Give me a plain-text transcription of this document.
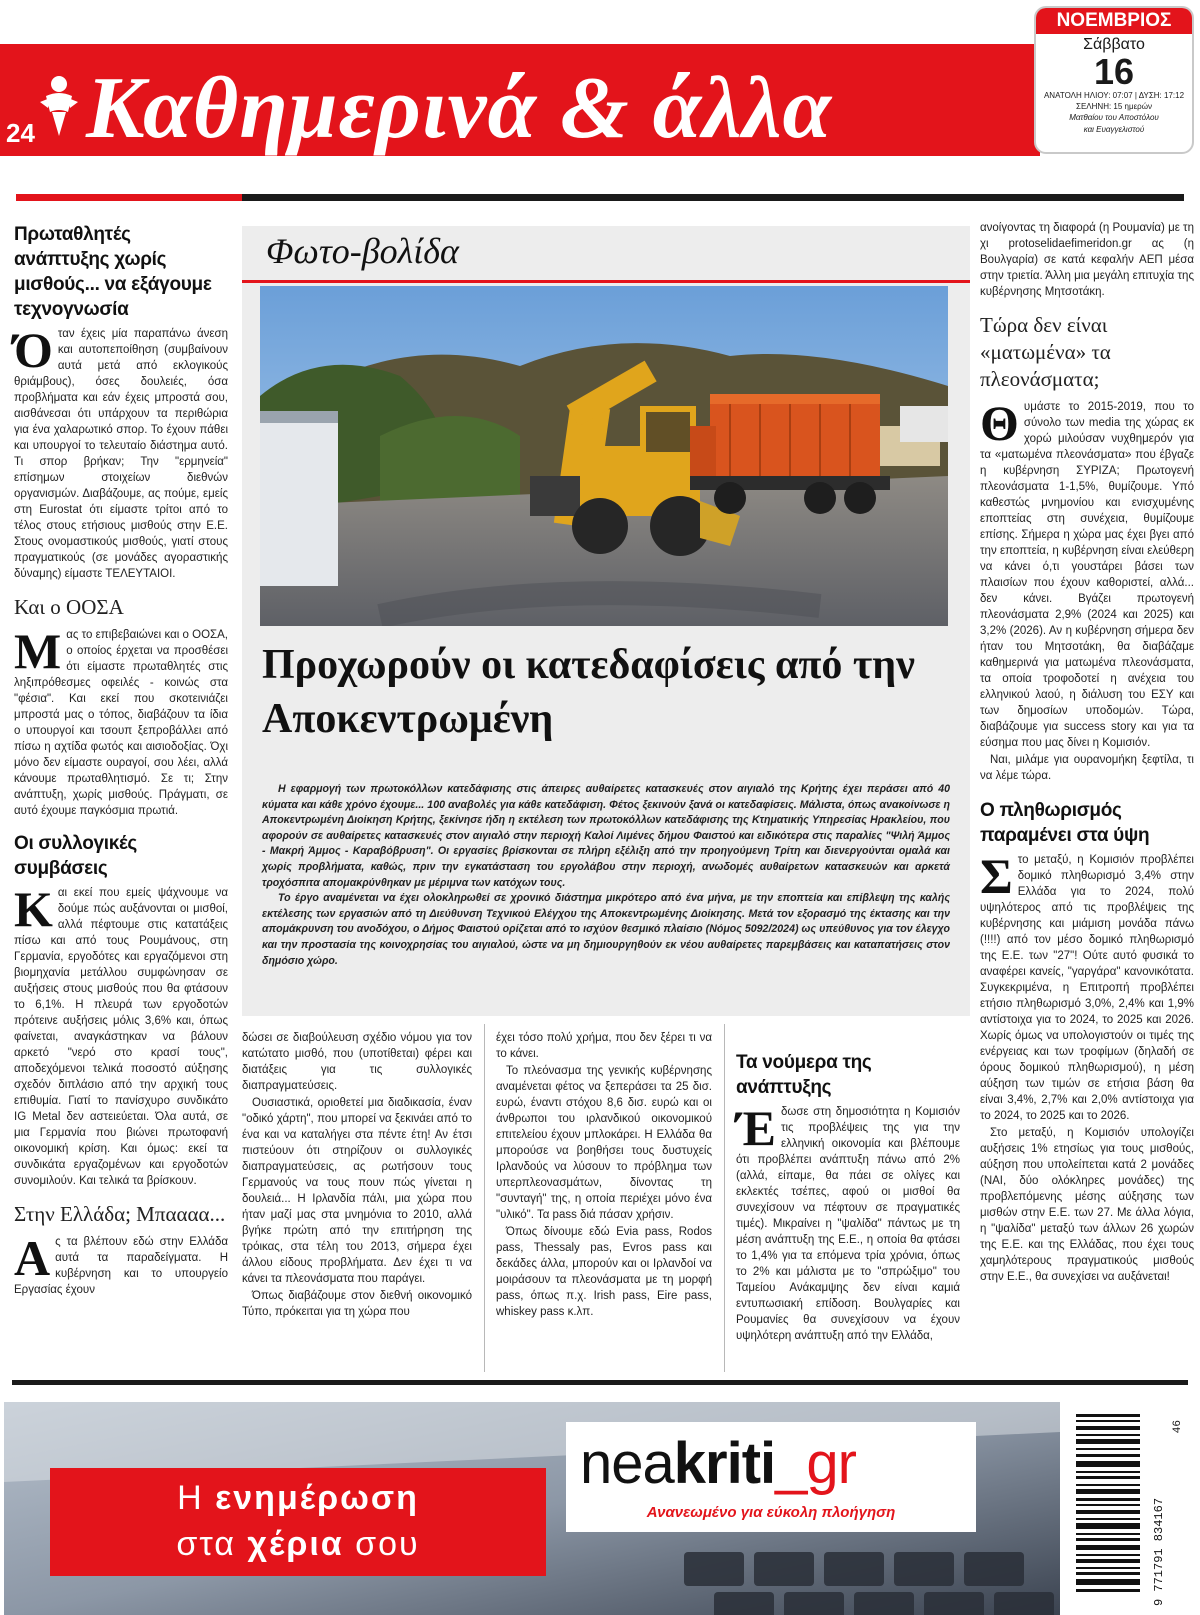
24 Καθημερινά & άλλα
ΝΟΕΜΒΡΙΟΣ
Σάββατο
16
ΑΝΑΤΟΛΗ ΗΛΙΟΥ: 07:07 | ΔΥΣΗ: 17:12
ΣΕΛΗΝΗ: 15 ημερών
Ματθαίου του Αποστόλου
και Ευαγγελιστού
Πρωταθλητές ανάπτυξης χωρίς μισθούς... να εξάγουμε τεχνογνωσία

Όταν έχεις μία παραπάνω άνεση και αυτοπεποίθηση (συμβαίνουν αυτά μετά από εκλογικούς θριάμβους), όσες δουλειές, όσα προβλήματα και εάν έχεις μπροστά σου, αισθάνεσαι ότι υπάρχουν τα περιθώρια για ένα χαλαρωτικό σπορ. Το έχουν πάθει και υπουργοί το τελευταίο διάστημα αυτό. Τι σπορ βρήκαν; Την "ερμηνεία" επίσημων στοιχείων διεθνών οργανισμών. Διαβάζουμε, ας πούμε, εμείς στη Eurostat ότι είμαστε τρίτοι από το τέλος στους ετήσιους μισθούς στην Ε.Ε. Στους ονομαστικούς μισθούς, γιατί στους πραγματικούς (σε μονάδες αγοραστικής δύναμης) είμαστε ΤΕΛΕΥΤΑΙΟΙ.

Και ο ΟΟΣΑ

Μας το επιβεβαιώνει και ο ΟΟΣΑ, ο οποίος έρχεται να προσθέσει ότι είμαστε πρωταθλητές στις ληξιπρόθεσμες οφειλές - κοινώς στα "φέσια". Και εκεί που σκοτεινιάζει μπροστά μας ο τόπος, διαβάζουν τα ίδια ο υπουργοί και τσουπ ξεπροβάλλει από πίσω η αχτίδα φωτός και αισιοδοξίας. Όχι μόνο δεν είμαστε ουραγοί, σου λέει, αλλά κάνουμε πρωταθλητισμό. Σε τι; Στην ανάπτυξη, χωρίς μισθούς. Πράγματι, σε αυτό έχουμε παγκόσμια πρωτιά.

Οι συλλογικές συμβάσεις

Και εκεί που εμείς ψάχνουμε να δούμε πώς αυξάνονται οι μισθοί, αλλά πέφτουμε στις κατατάξεις πίσω και από τους Ρουμάνους, στη Γερμανία, εργοδότες και εργαζόμενοι στη βιομηχανία μετάλλου συμφώνησαν σε αυξήσεις στους μισθούς που θα φτάσουν το 6,1%. Η πλευρά των εργοδοτών πρότεινε αυξήσεις μόλις 3,6% και, όπως φαίνεται, αναγκάστηκαν να βάλουν αρκετό "νερό στο κρασί τους", αποδεχόμενοι τελικά ποσοστό αύξησης σχεδόν διπλάσιο από την αρχική τους επιθυμία. Γιατί το πανίσχυρο συνδικάτο IG Metal δεν αστειεύεται. Όλα αυτά, σε μια Γερμανία που βιώνει πρωτοφανή οικονομική κρίση. Και όμως: εκεί τα συνδικάτα εργαζομένων και εργοδοτών συνομιλούν. Και τελικά τα βρίσκουν.

Στην Ελλάδα; Μπαααα...

Ας τα βλέπουν εδώ στην Ελλάδα αυτά τα παραδείγματα. Η κυβέρνηση και το υπουργείο Εργασίας έχουν

Φωτο-βολίδα
Προχωρούν οι κατεδαφίσεις από την Αποκεντρωμένη

Η εφαρμογή των πρωτοκόλλων κατεδάφισης στις άπειρες αυθαίρετες κατασκευές στον αιγιαλό της Κρήτης έχει περάσει από 40 κύματα και κάθε χρόνο έχουμε... 100 αναβολές για κάθε κατεδάφιση. Φέτος ξεκινούν ξανά οι κατεδαφίσεις. Μάλιστα, όπως ανακοίνωσε η Αποκεντρωμένη Διοίκηση Κρήτης, ξεκίνησε ήδη η εκτέλεση των πρωτοκόλλων κατεδάφισης της Κτηματικής Υπηρεσίας Ηρακλείου, που αφορούν σε αυθαίρετες κατασκευές στον αιγιαλό στην περιοχή Καλοί Λιμένες δήμου Φαιστού και ειδικότερα στις παραλίες "Ψιλή Άμμος - Μακρή Άμμος - Καραβόβρυση". Οι εργασίες βρίσκονται σε πλήρη εξέλιξη από την προηγούμενη Τρίτη και διενεργούνται ομαλά και χωρίς προβλήματα, καθώς, πριν την εγκατάσταση του εργολάβου στην περιοχή, ανωδομές αυθαίρετων κατασκευών και αρκετά τροχόσπιτα απομακρύνθηκαν με μέριμνα των κατόχων τους.

Το έργο αναμένεται να έχει ολοκληρωθεί σε χρονικό διάστημα μικρότερο από ένα μήνα, με την εποπτεία και επίβλεψη της καλής εκτέλεσης των εργασιών από τη Διεύθυνση Τεχνικού Ελέγχου της Αποκεντρωμένης Διοίκησης. Μετά τον εξορασμό της έκτασης και την απομάκρυνση του ανοδόχου, ο Δήμος Φαιστού ορίζεται από το ισχύον θεσμικό πλαίσιο (Νόμος 5092/2024) ως υπεύθυνος για τον έλεγχο και την προστασία της κοινοχρησίας του αιγιαλού, ώστε να μη δημιουργηθούν εκ νέου αυθαίρετες παρεμβάσεις και καταπατήσεις στον δημόσιο χώρο.

δώσει σε διαβούλευση σχέδιο νόμου για τον κατώτατο μισθό, που (υποτίθεται) φέρει και διατάξεις για τις συλλογικές διαπραγματεύσεις.

Ουσιαστικά, οριοθετεί μια διαδικασία, έναν "οδικό χάρτη", που μπορεί να ξεκινάει από το ένα και να καταλήγει στα πέντε έτη! Αν έτσι πιστεύουν ότι στηρίζουν οι συλλογικές διαπραγματεύσεις, ας ρωτήσουν τους Γερμανούς να τους πουν πώς γίνεται η δουλειά... Η Ιρλανδία πάλι, μια χώρα που ήταν μαζί μας στα μνημόνια το 2010, αλλά βγήκε πρώτη από την επιτήρηση της τρόικας, στα τέλη του 2013, σήμερα έχει άλλου είδους προβλήματα. Δεν έχει τι να κάνει τα πλεονάσματα που παράγει.

Όπως διαβάζουμε στον διεθνή οικονομικό Τύπο, πρόκειται για τη χώρα που

έχει τόσο πολύ χρήμα, που δεν ξέρει τι να το κάνει.

Το πλεόνασμα της γενικής κυβέρνησης αναμένεται φέτος να ξεπεράσει τα 25 δισ. ευρώ, έναντι στόχου 8,6 δισ. ευρώ και οι άνθρωποι του ιρλανδικού οικονομικού επιτελείου έχουν μπλοκάρει. Η Ελλάδα θα μπορούσε να βοηθήσει τους δυστυχείς Ιρλανδούς να λύσουν το πρόβλημα των υπερπλεονασμάτων, δίνοντας τη "συνταγή" της, η οποία περιέχει μόνο ένα "υλικό". Τα pass διά πάσαν χρήσιν.

Όπως δίνουμε εδώ Evia pass, Rodos pass, Thessaly pas, Evros pass και δεκάδες άλλα, μπορούν και οι Ιρλανδοί να μοιράσουν τα πλεονάσματα με τη μορφή pass, όπως π.χ. Irish pass, Eire pass, whiskey pass κ.λπ.

Τα νούμερα της ανάπτυξης

Έδωσε στη δημοσιότητα η Κομισιόν τις προβλέψεις της για την ελληνική οικονομία και βλέπουμε ότι προβλέπει ανάπτυξη πάνω από 2% (αλλά, είπαμε, θα πάει σε ολίγες και εκλεκτές τσέπες, αφού οι μισθοί θα συνεχίσουν να πέφτουν σε πραγματικές τιμές). Μικραίνει η "ψαλίδα" πάντως με τη μέση ανάπτυξη της Ε.Ε., η οποία θα φτάσει το 1,4% για τα επόμενα τρία χρόνια, όπως το 2% και μάλιστα με το "σπρώξιμο" του Ταμείου Ανάκαμψης δεν είναι καμιά εντυπωσιακή επίδοση. Βουλγαρίες και Ρουμανίες θα συνεχίσουν να έχουν υψηλότερη ανάπτυξη από την Ελλάδα,

ανοίγοντας τη διαφορά (η Ρουμανία) με τη χι protoselidaefimeridon.gr ας (η Βουλγαρία) σε κατά κεφαλήν ΑΕΠ μέσα στην τριετία. Άλλη μια μεγάλη επιτυχία της κυβέρνησης Μητσοτάκη.

Τώρα δεν είναι «ματωμένα» τα πλεονάσματα;

Θυμάστε το 2015-2019, που το σύνολο των media της χώρας εκ χορώ μιλούσαν νυχθημερόν για τα «ματωμένα πλεονάσματα» που έβγαζε η κυβέρνηση ΣΥΡΙΖΑ; Πρωτογενή πλεονάσματα 1-1,5%, θυμίζουμε. Υπό καθεστώς μνημονίου και ενισχυμένης εποπτείας στη συνέχεια, θυμίζουμε επίσης. Σήμερα η χώρα μας έχει βγει από την εποπτεία, η κυβέρνηση είναι ελεύθερη να κάνει ό,τι γουστάρει βάσει των πλαισίων που έχουν καθοριστεί, αλλά... δεν κάνει. Βγάζει πρωτογενή πλεονάσματα 2,9% (2024 και 2025) και 3,2% (2026). Αν η κυβέρνηση σήμερα δεν ήταν του Μητσοτάκη, θα διαβάζαμε καθημερινά για ματωμένα πλεονάσματα, τα οποία τροφοδοτεί η ανέχεια του ελληνικού λαού, η διάλυση του ΕΣΥ και των δημοσίων υποδομών. Τώρα, διαβάζουμε για success story και για τα εύσημα που μας δίνει η Κομισιόν.

Ναι, μιλάμε για ουρανομήκη ξεφτίλα, τι να λέμε τώρα.

Ο πληθωρισμός παραμένει στα ύψη

Στο μεταξύ, η Κομισιόν προβλέπει δομικό πληθωρισμό 3,4% στην Ελλάδα για το 2024, πολύ υψηλότερος από τις προβλέψεις της κυβέρνησης και μιάμιση μονάδα πάνω (!!!!) από τον μέσο δομικό πληθωρισμό της Ε.Ε. των "27"! Ούτε αυτό φυσικά το αναφέρει κανείς, "γαργάρα" κανονικότατα. Συγκεκριμένα, η Επιτροπή προβλέπει ετήσιο πληθωρισμό 3,0%, 2,4% και 1,9% αντίστοιχα για το 2024, το 2025 και 2026. Χωρίς όμως να υπολογιστούν οι τιμές της ενέργειας και των τροφίμων (δηλαδή σε όρους δομικού πληθωρισμού), η μέση αύξηση των τιμών σε ετήσια βάση θα είναι 3,4%, 2,7% και 2,0% αντίστοιχα για το 2024, το 2025 και το 2026.

Στο μεταξύ, η Κομισιόν υπολογίζει αυξήσεις 1% ετησίως για τους μισθούς, αύξηση που υπολείπεται κατά 2 μονάδες (ΝΑΙ, δύο ολόκληρες μονάδες) της προβλεπόμενης μέσης αύξησης των μισθών στην Ε.Ε. των 27. Με άλλα λόγια, η "ψαλίδα" μεταξύ των άλλων 26 χωρών της Ε.Ε. και της Ελλάδας, που έχει τους χαμηλότερους πραγματικούς μισθούς στην Ε.Ε., θα συνεχίσει να αυξάνεται!

neakriti_gr
Ανανεωμένο για εύκολη πλοήγηση
Η ενημέρωση
στα χέρια σου	9 771791 834167
46
